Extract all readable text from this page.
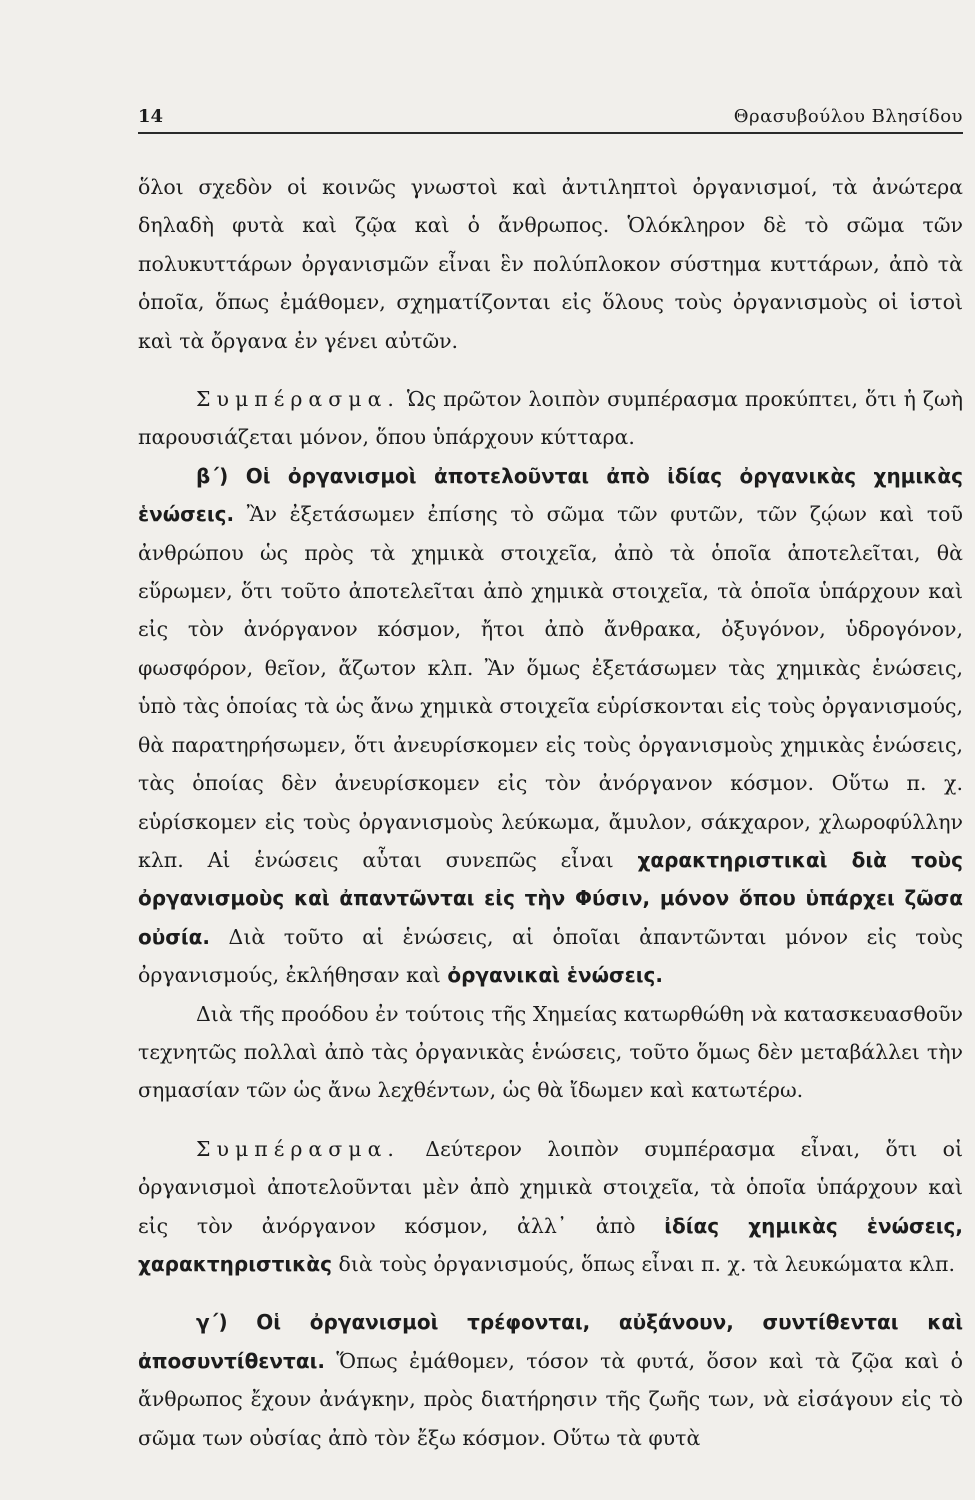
14	Θρασυβούλου Βλησίδου

ὅλοι σχεδὸν οἱ κοινῶς γνωστοὶ καὶ ἀντιληπτοὶ ὀργανισμοί, τὰ ἀνώτερα δηλαδὴ φυτὰ καὶ ζῷα καὶ ὁ ἄνθρωπος. Ὁλόκληρον δὲ τὸ σῶμα τῶν πολυκυττάρων ὀργανισμῶν εἶναι ἓν πολύπλοκον σύστημα κυττάρων, ἀπὸ τὰ ὁποῖα, ὅπως ἐμάθομεν, σχηματίζονται εἰς ὅλους τοὺς ὀργανισμοὺς οἱ ἱστοὶ καὶ τὰ ὄργανα ἐν γένει αὐτῶν.

Συμπέρασμα. Ὡς πρῶτον λοιπὸν συμπέρασμα προκύπτει, ὅτι ἡ ζωὴ παρουσιάζεται μόνον, ὅπου ὑπάρχουν κύτταρα.

β΄) Οἱ ὀργανισμοὶ ἀποτελοῦνται ἀπὸ ἰδίας ὀργανικὰς χημικὰς ἑνώσεις. Ἂν ἐξετάσωμεν ἐπίσης τὸ σῶμα τῶν φυτῶν, τῶν ζῴων καὶ τοῦ ἀνθρώπου ὡς πρὸς τὰ χημικὰ στοιχεῖα, ἀπὸ τὰ ὁποῖα ἀποτελεῖται, θὰ εὕρωμεν, ὅτι τοῦτο ἀποτελεῖται ἀπὸ χημικὰ στοιχεῖα, τὰ ὁποῖα ὑπάρχουν καὶ εἰς τὸν ἀνόργανον κόσμον, ἤτοι ἀπὸ ἄνθρακα, ὀξυγόνον, ὑδρογόνον, φωσφόρον, θεῖον, ἄζωτον κλπ. Ἂν ὅμως ἐξετάσωμεν τὰς χημικὰς ἑνώσεις, ὑπὸ τὰς ὁποίας τὰ ὡς ἄνω χημικὰ στοιχεῖα εὑρίσκονται εἰς τοὺς ὀργανισμούς, θὰ παρατηρήσωμεν, ὅτι ἀνευρίσκομεν εἰς τοὺς ὀργανισμοὺς χημικὰς ἑνώσεις, τὰς ὁποίας δὲν ἀνευρίσκομεν εἰς τὸν ἀνόργανον κόσμον. Οὕτω π. χ. εὑρίσκομεν εἰς τοὺς ὀργανισμοὺς λεύκωμα, ἄμυλον, σάκχαρον, χλωροφύλλην κλπ. Αἱ ἑνώσεις αὗται συνεπῶς εἶναι χαρακτηριστικαὶ διὰ τοὺς ὀργανισμοὺς καὶ ἀπαντῶνται εἰς τὴν Φύσιν, μόνον ὅπου ὑπάρχει ζῶσα οὐσία. Διὰ τοῦτο αἱ ἑνώσεις, αἱ ὁποῖαι ἀπαντῶνται μόνον εἰς τοὺς ὀργανισμούς, ἐκλήθησαν καὶ ὀργανικαὶ ἑνώσεις.

Διὰ τῆς προόδου ἐν τούτοις τῆς Χημείας κατωρθώθη νὰ κατασκευασθοῦν τεχνητῶς πολλαὶ ἀπὸ τὰς ὀργανικὰς ἑνώσεις, τοῦτο ὅμως δὲν μεταβάλλει τὴν σημασίαν τῶν ὡς ἄνω λεχθέντων, ὡς θὰ ἴδωμεν καὶ κατωτέρω.

Συμπέρασμα. Δεύτερον λοιπὸν συμπέρασμα εἶναι, ὅτι οἱ ὀργανισμοὶ ἀποτελοῦνται μὲν ἀπὸ χημικὰ στοιχεῖα, τὰ ὁποῖα ὑπάρχουν καὶ εἰς τὸν ἀνόργανον κόσμον, ἀλλ᾿ ἀπὸ ἰδίας χημικὰς ἑνώσεις, χαρακτηριστικὰς διὰ τοὺς ὀργανισμούς, ὅπως εἶναι π. χ. τὰ λευκώματα κλπ.

γ΄) Οἱ ὀργανισμοὶ τρέφονται, αὐξάνουν, συντίθενται καὶ ἀποσυντίθενται. Ὅπως ἐμάθομεν, τόσον τὰ φυτά, ὅσον καὶ τὰ ζῷα καὶ ὁ ἄνθρωπος ἔχουν ἀνάγκην, πρὸς διατήρησιν τῆς ζωῆς των, νὰ εἰσάγουν εἰς τὸ σῶμα των οὐσίας ἀπὸ τὸν ἔξω κόσμον. Οὕτω τὰ φυτὰ
